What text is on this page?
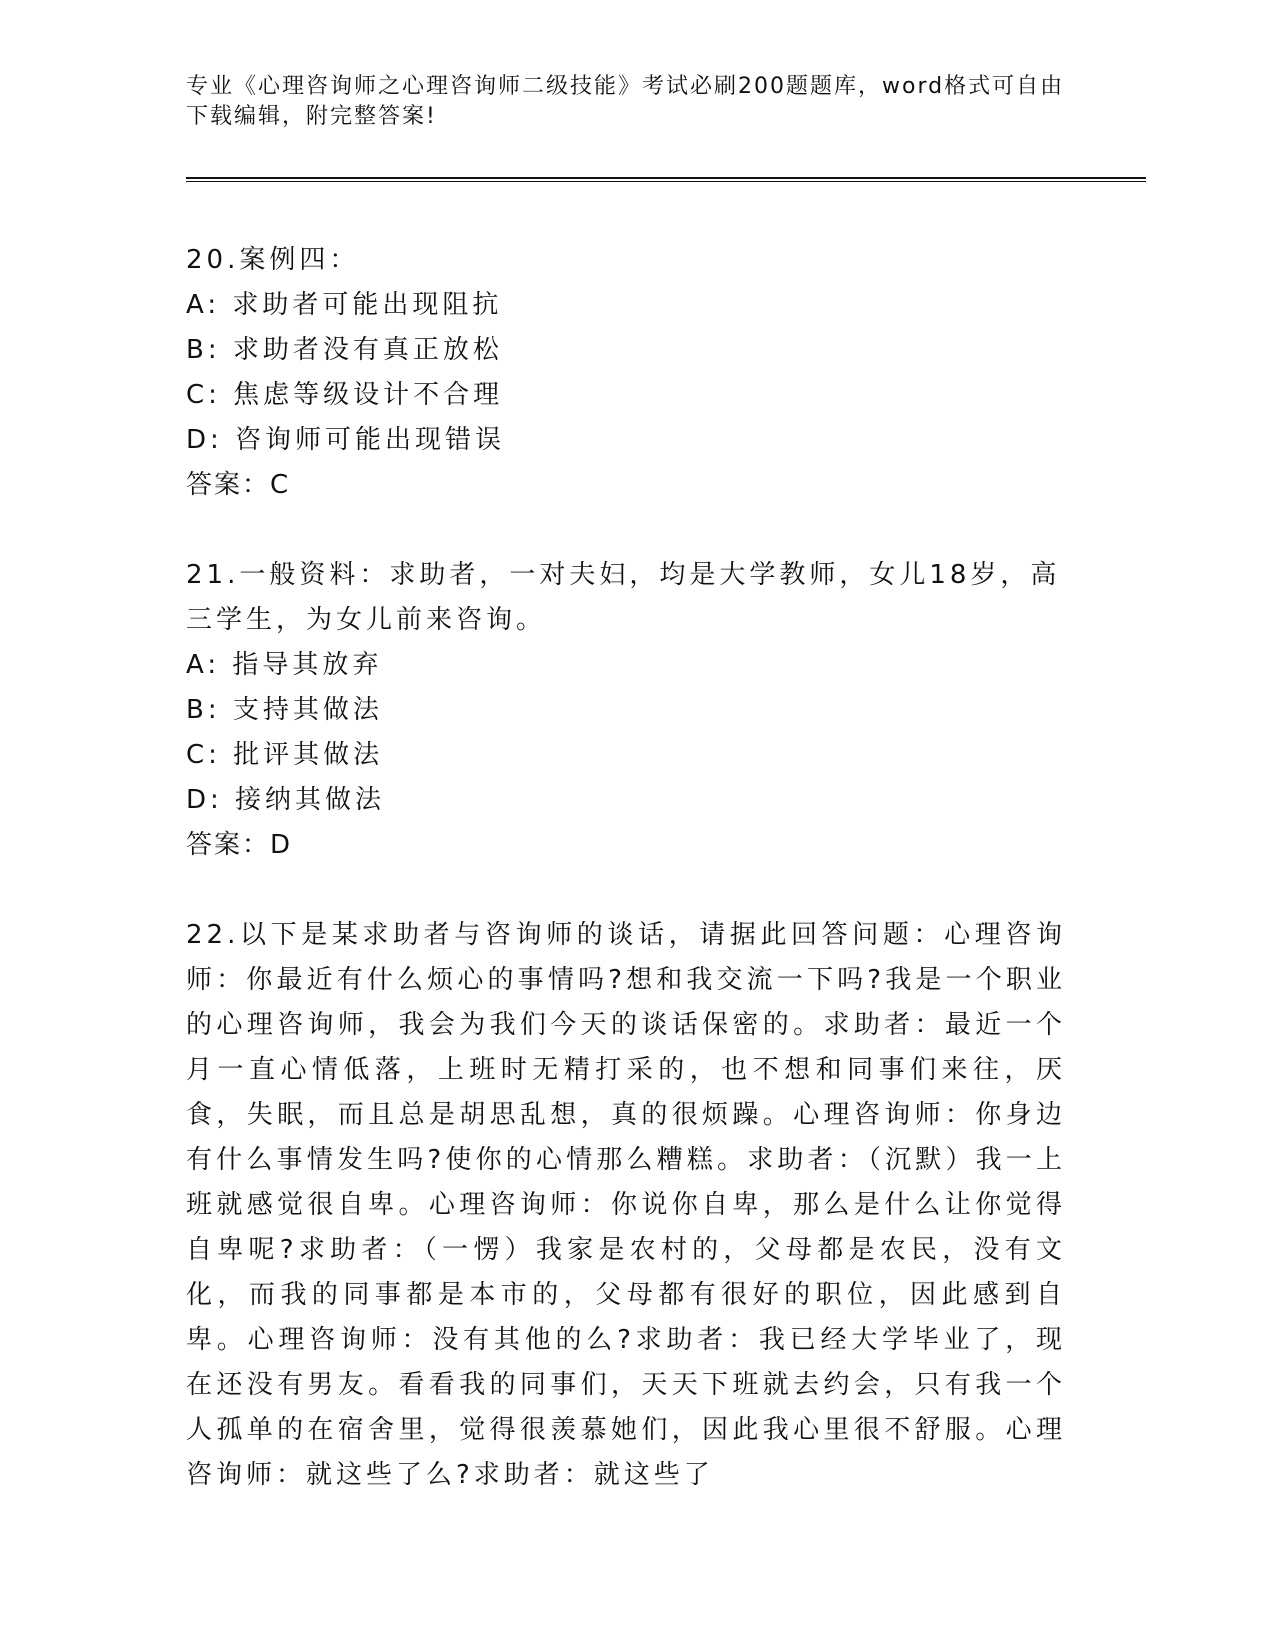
专业《心理咨询师之心理咨询师二级技能》考试必刷200题题库，word格式可自由下载编辑，附完整答案!

20.案例四：

A: 求助者可能出现阻抗

B: 求助者没有真正放松

C: 焦虑等级设计不合理

D: 咨询师可能出现错误

答案：C

21.一般资料：求助者，一对夫妇，均是大学教师，女儿18岁，高三学生，为女儿前来咨询。

A: 指导其放弃

B: 支持其做法

C: 批评其做法

D: 接纳其做法

答案：D

22.以下是某求助者与咨询师的谈话，请据此回答问题：心理咨询师：你最近有什么烦心的事情吗?想和我交流一下吗?我是一个职业的心理咨询师，我会为我们今天的谈话保密的。求助者：最近一个月一直心情低落，上班时无精打采的，也不想和同事们来往，厌食，失眠，而且总是胡思乱想，真的很烦躁。心理咨询师：你身边有什么事情发生吗?使你的心情那么糟糕。求助者：（沉默）我一上班就感觉很自卑。心理咨询师：你说你自卑，那么是什么让你觉得自卑呢?求助者：（一愣）我家是农村的，父母都是农民，没有文化，而我的同事都是本市的，父母都有很好的职位，因此感到自卑。心理咨询师：没有其他的么?求助者：我已经大学毕业了，现在还没有男友。看看我的同事们，天天下班就去约会，只有我一个人孤单的在宿舍里，觉得很羡慕她们，因此我心里很不舒服。心理咨询师：就这些了么?求助者：就这些了
